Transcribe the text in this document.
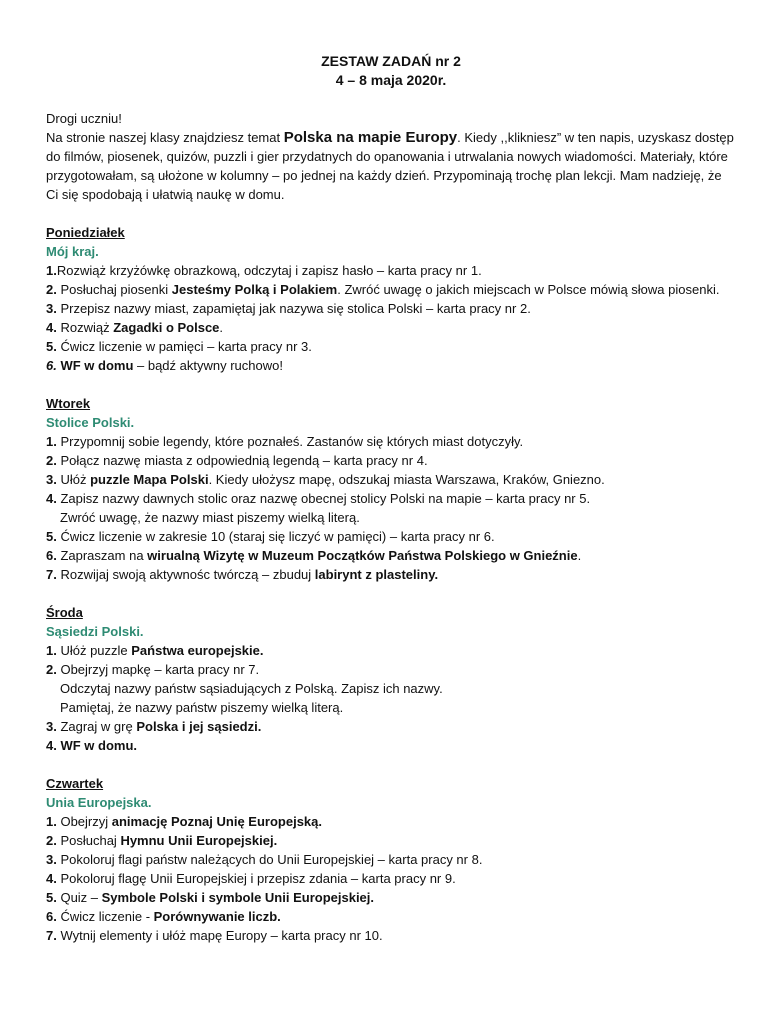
ZESTAW ZADAŃ nr 2
4 – 8 maja 2020r.
Drogi uczniu!
Na stronie naszej klasy znajdziesz temat Polska na mapie Europy. Kiedy ,,klikniesz” w ten napis, uzyskasz dostęp do filmów, piosenek, quizów, puzzli i gier przydatnych do opanowania i utrwalania nowych wiadomości. Materiały, które przygotowałam, są ułożone w kolumny – po jednej na każdy dzień. Przypominają trochę plan lekcji. Mam nadzieję, że Ci się spodobają i ułatwią naukę w domu.
Poniedziałek
Mój kraj.
1.Rozwiąż krzyżówkę obrazkową, odczytaj i zapisz hasło – karta pracy nr 1.
2. Posłuchaj piosenki Jesteśmy Polką i Polakiem. Zwróć uwagę o jakich miejscach w Polsce mówią słowa piosenki.
3. Przepisz nazwy miast, zapamiętaj jak nazywa się stolica Polski – karta pracy nr 2.
4. Rozwiąż Zagadki o Polsce.
5. Ćwicz liczenie w pamięci – karta pracy nr 3.
6. WF w domu – bądź aktywny ruchowo!
Wtorek
Stolice Polski.
1. Przypomnij sobie legendy, które poznałeś. Zastanów się których miast dotyczyły.
2. Połącz nazwę miasta z odpowiednią legendą – karta pracy nr 4.
3. Ułóż puzzle Mapa Polski. Kiedy ułożysz mapę, odszukaj miasta Warszawa, Kraków, Gniezno.
4. Zapisz nazwy dawnych stolic oraz nazwę obecnej stolicy Polski na mapie – karta pracy nr 5.
Zwróć uwagę, że nazwy miast piszemy wielką literą.
5. Ćwicz liczenie w zakresie 10 (staraj się liczyć w pamięci) – karta pracy nr 6.
6. Zapraszam na wirualną Wizytę w Muzeum Początków Państwa Polskiego w Gnieźnie.
7. Rozwijaj swoją aktywnośc twórczą – zbuduj labirynt z plasteliny.
Środa
Sąsiedzi Polski.
1. Ułóż puzzle Państwa europejskie.
2. Obejrzyj mapkę – karta pracy nr 7.
Odczytaj nazwy państw sąsiadujących z Polską. Zapisz ich nazwy.
Pamiętaj, że nazwy państw piszemy wielką literą.
3. Zagraj w grę Polska i jej sąsiedzi.
4. WF w domu.
Czwartek
Unia Europejska.
1. Obejrzyj animację Poznaj Unię Europejską.
2. Posłuchaj Hymnu Unii Europejskiej.
3. Pokoloruj flagi państw należących do Unii Europejskiej – karta pracy nr 8.
4. Pokoloruj flagę Unii Europejskiej i przepisz zdania – karta pracy nr 9.
5. Quiz – Symbole Polski i symbole Unii Europejskiej.
6. Ćwicz liczenie - Porównywanie liczb.
7. Wytnij elementy i ułóż mapę Europy – karta pracy nr 10.
